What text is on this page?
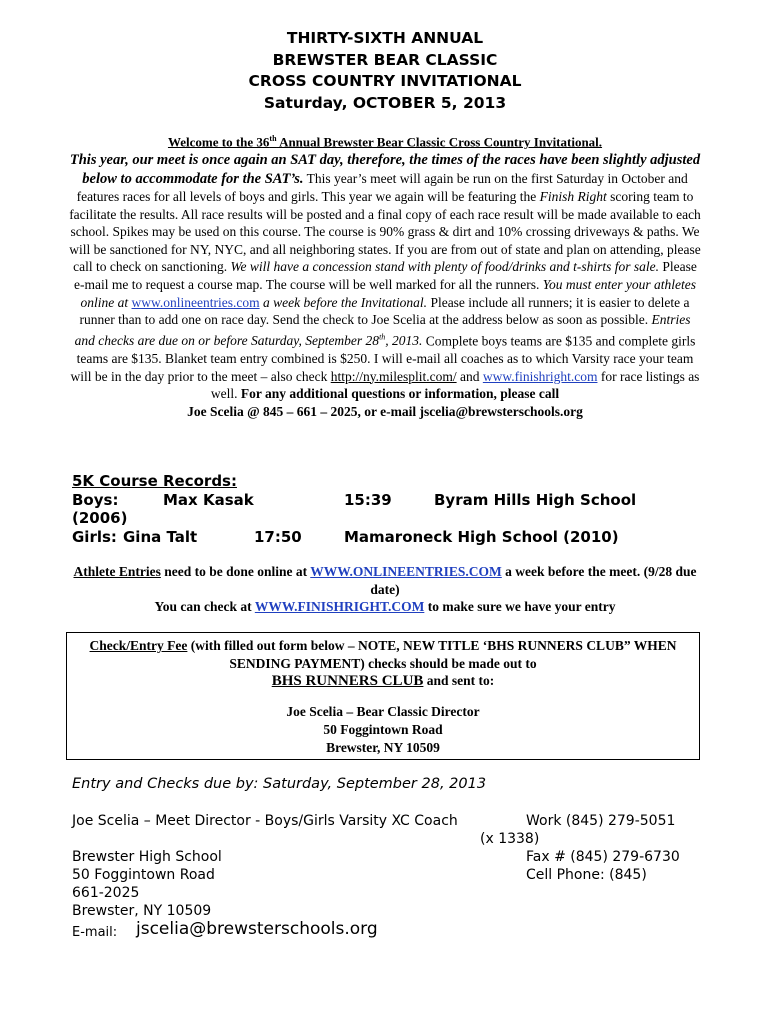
THIRTY-SIXTH ANNUAL
BREWSTER BEAR CLASSIC
CROSS COUNTRY INVITATIONAL
Saturday, OCTOBER 5, 2013
Welcome to the 36th Annual Brewster Bear Classic Cross Country Invitational.
This year, our meet is once again an SAT day, therefore, the times of the races have been slightly adjusted below to accommodate for the SAT’s. This year’s meet will again be run on the first Saturday in October and features races for all levels of boys and girls. This year we again will be featuring the Finish Right scoring team to facilitate the results. All race results will be posted and a final copy of each race result will be made available to each school. Spikes may be used on this course. The course is 90% grass & dirt and 10% crossing driveways & paths. We will be sanctioned for NY, NYC, and all neighboring states. If you are from out of state and plan on attending, please call to check on sanctioning. We will have a concession stand with plenty of food/drinks and t-shirts for sale. Please e-mail me to request a course map. The course will be well marked for all the runners. You must enter your athletes online at www.onlineentries.com a week before the Invitational. Please include all runners; it is easier to delete a runner than to add one on race day. Send the check to Joe Scelia at the address below as soon as possible. Entries and checks are due on or before Saturday, September 28th, 2013. Complete boys teams are $135 and complete girls teams are $135. Blanket team entry combined is $250. I will e-mail all coaches as to which Varsity race your team will be in the day prior to the meet – also check http://ny.milesplit.com/ and www.finishright.com for race listings as well. For any additional questions or information, please call
Joe Scelia @ 845 – 661 – 2025, or e-mail jscelia@brewsterschools.org
5K Course Records:
Boys:	Max Kasak	15:39	Byram Hills High School
(2006)
Girls: Gina Talt	17:50	Mamaroneck High School (2010)
Athlete Entries need to be done online at WWW.ONLINEENTRIES.COM a week before the meet. (9/28 due date)
You can check at WWW.FINISHRIGHT.COM to make sure we have your entry
Check/Entry Fee (with filled out form below – NOTE, NEW TITLE ‘BHS RUNNERS CLUB” WHEN SENDING PAYMENT) checks should be made out to
BHS RUNNERS CLUB and sent to:
Joe Scelia – Bear Classic Director
50 Foggintown Road
Brewster, NY 10509
Entry and Checks due by: Saturday, September 28, 2013
Joe Scelia – Meet Director - Boys/Girls Varsity XC Coach	Work (845) 279-5051
(x 1338)
Brewster High School	Fax # (845) 279-6730
50 Foggintown Road	Cell Phone: (845)
661-2025
Brewster, NY 10509
E-mail: jscelia@brewsterschools.org
